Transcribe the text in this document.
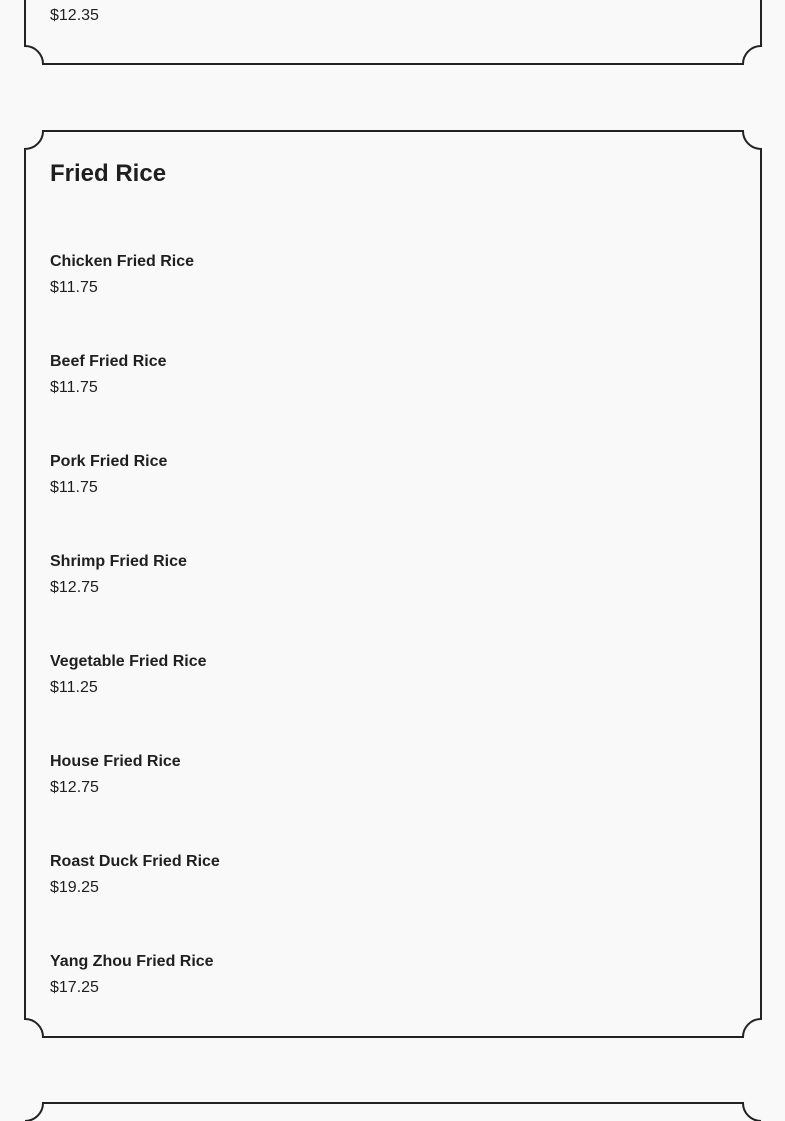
$12.35
Fried Rice
Chicken Fried Rice
$11.75
Beef Fried Rice
$11.75
Pork Fried Rice
$11.75
Shrimp Fried Rice
$12.75
Vegetable Fried Rice
$11.25
House Fried Rice
$12.75
Roast Duck Fried Rice
$19.25
Yang Zhou Fried Rice
$17.25
